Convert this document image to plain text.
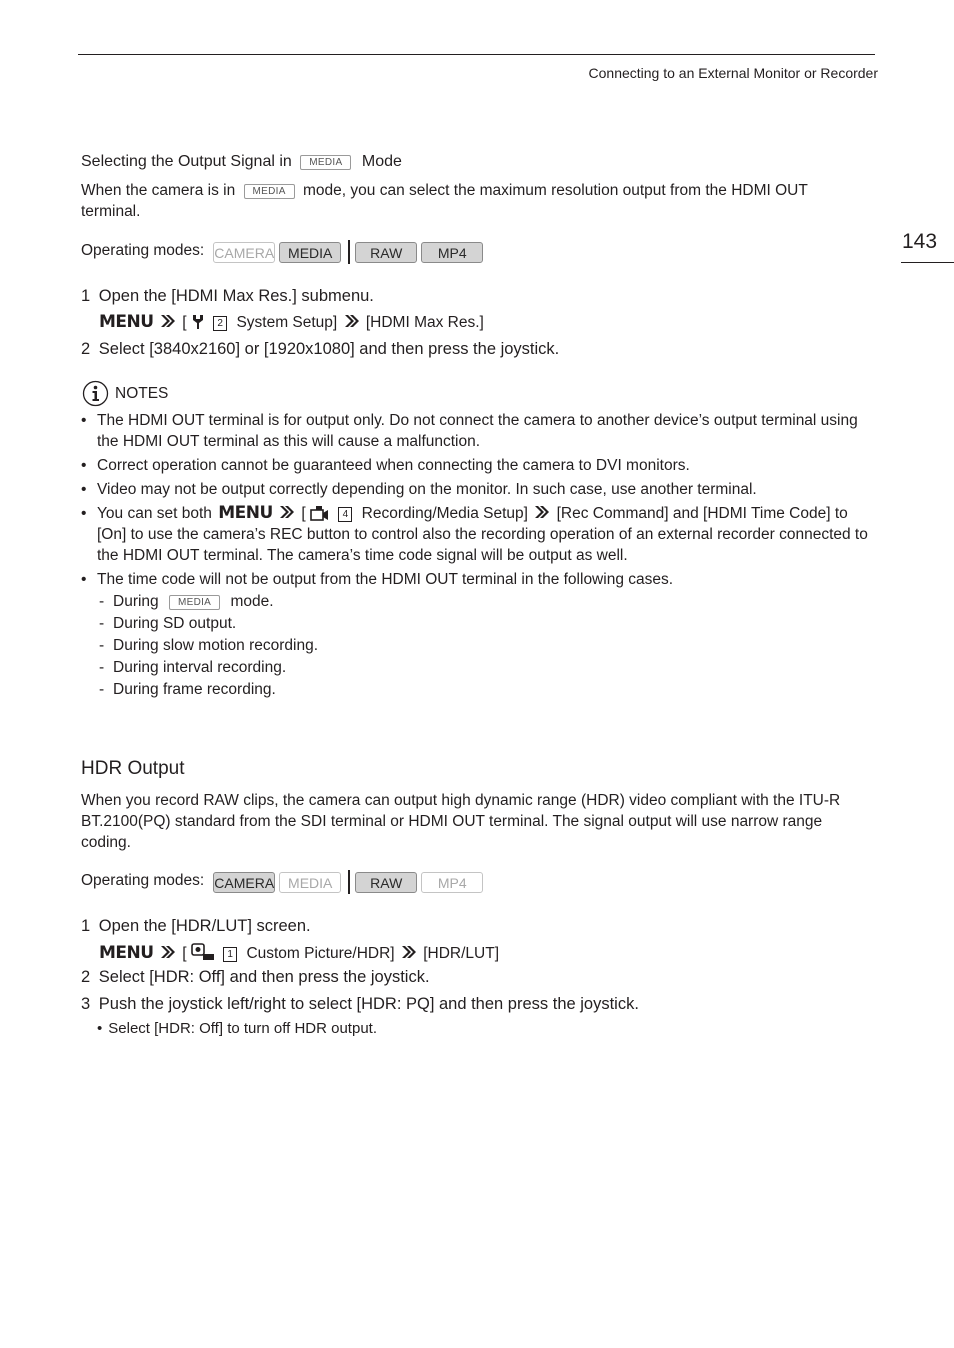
Connecting to an External Monitor or Recorder
143
Selecting the Output Signal in MEDIA Mode
When the camera is in MEDIA mode, you can select the maximum resolution output from the HDMI OUT terminal.
Operating modes: CAMERA MEDIA	RAW	MP4
1 Open the [HDMI Max Res.] submenu.
MENU [	2 System Setup] [HDMI Max Res.]
2 Select [3840x2160] or [1920x1080] and then press the joystick.
NOTES
• The HDMI OUT terminal is for output only. Do not connect the camera to another device’s output terminal using the HDMI OUT terminal as this will cause a malfunction.
• Correct operation cannot be guaranteed when connecting the camera to DVI monitors.
• Video may not be output correctly depending on the monitor. In such case, use another terminal.
• You can set both MENU [	4 Recording/Media Setup] [Rec Command] and [HDMI Time Code] to [On] to use the camera’s REC button to control also the recording operation of an external recorder connected to the HDMI OUT terminal. The camera’s time code signal will be output as well.
• The time code will not be output from the HDMI OUT terminal in the following cases.
- During MEDIA mode.
- During SD output.
- During slow motion recording.
- During interval recording.
- During frame recording.
HDR Output
When you record RAW clips, the camera can output high dynamic range (HDR) video compliant with the ITU-R BT.2100(PQ) standard from the SDI terminal or HDMI OUT terminal. The signal output will use narrow range coding.
Operating modes: CAMERA MEDIA	RAW	MP4
1 Open the [HDR/LUT] screen.
MENU [	1 Custom Picture/HDR] [HDR/LUT]
2 Select [HDR: Off] and then press the joystick.
3 Push the joystick left/right to select [HDR: PQ] and then press the joystick.
• Select [HDR: Off] to turn off HDR output.
